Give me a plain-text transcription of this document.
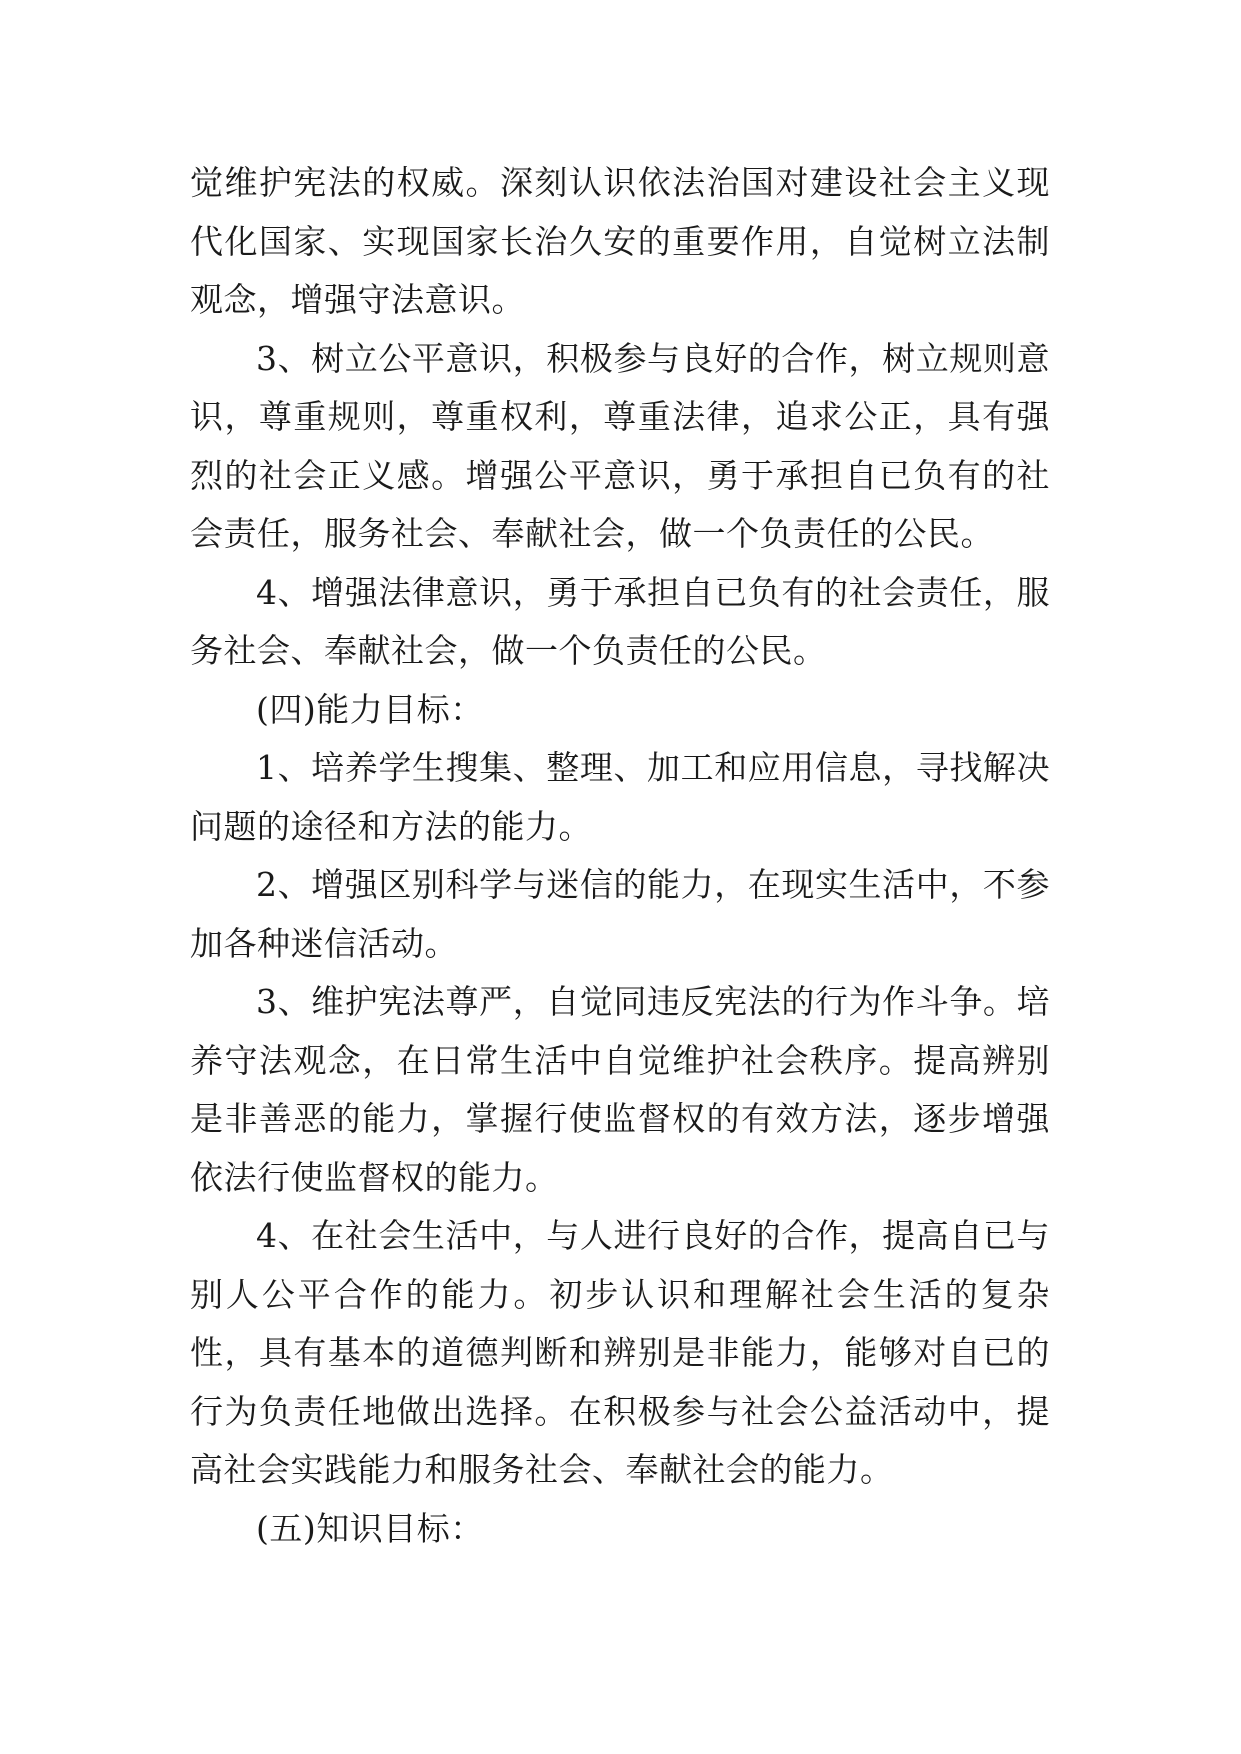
觉维护宪法的权威。深刻认识依法治国对建设社会主义现代化国家、实现国家长治久安的重要作用，自觉树立法制观念，增强守法意识。

3、树立公平意识，积极参与良好的合作，树立规则意识，尊重规则，尊重权利，尊重法律，追求公正，具有强烈的社会正义感。增强公平意识，勇于承担自已负有的社会责任，服务社会、奉献社会，做一个负责任的公民。

4、增强法律意识，勇于承担自已负有的社会责任，服务社会、奉献社会，做一个负责任的公民。

(四)能力目标：

1、培养学生搜集、整理、加工和应用信息，寻找解决问题的途径和方法的能力。

2、增强区别科学与迷信的能力，在现实生活中，不参加各种迷信活动。

3、维护宪法尊严，自觉同违反宪法的行为作斗争。培养守法观念，在日常生活中自觉维护社会秩序。提高辨别是非善恶的能力，掌握行使监督权的有效方法，逐步增强依法行使监督权的能力。

4、在社会生活中，与人进行良好的合作，提高自已与别人公平合作的能力。初步认识和理解社会生活的复杂性，具有基本的道德判断和辨别是非能力，能够对自已的行为负责任地做出选择。在积极参与社会公益活动中，提高社会实践能力和服务社会、奉献社会的能力。

(五)知识目标：
